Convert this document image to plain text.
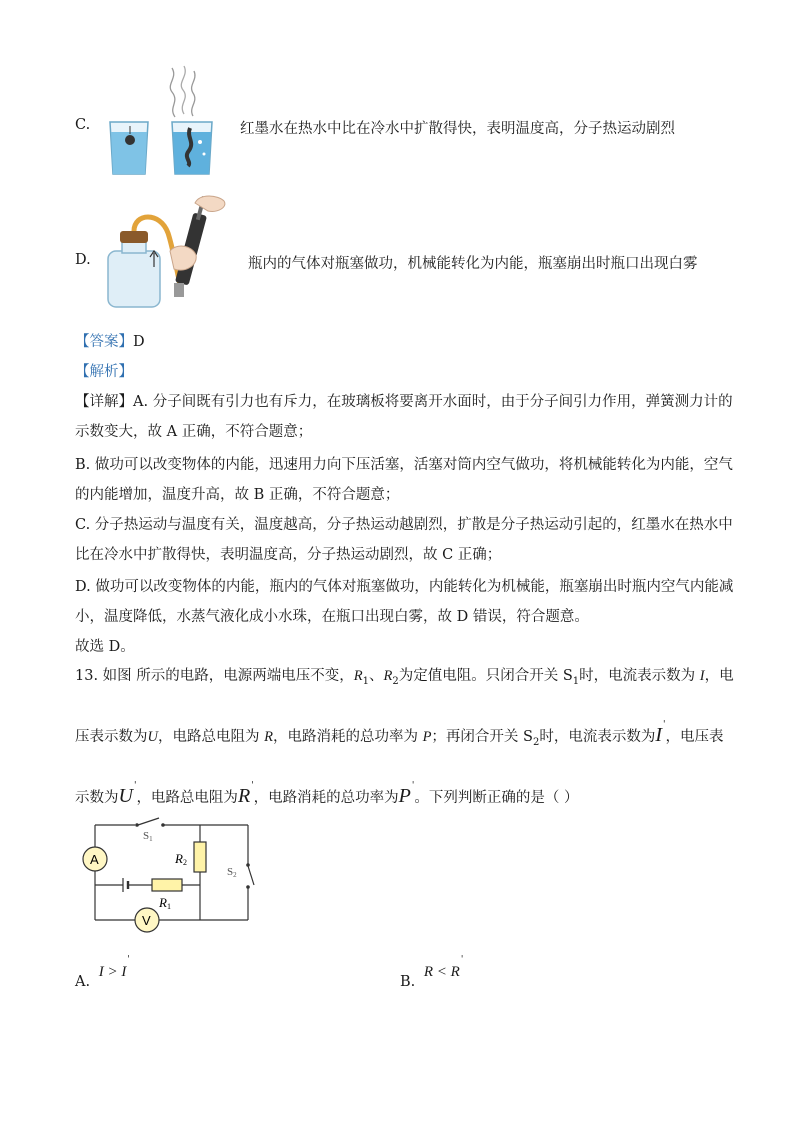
C.	红墨水在热水中比在冷水中扩散得快，表明温度高，分子热运动剧烈
D.	瓶内的气体对瓶塞做功，机械能转化为内能，瓶塞崩出时瓶口出现白雾
【答案】D
【解析】
【详解】A. 分子间既有引力也有斥力，在玻璃板将要离开水面时，由于分子间引力作用，弹簧测力计的
示数变大，故 A 正确，不符合题意；
B. 做功可以改变物体的内能，迅速用力向下压活塞，活塞对筒内空气做功，将机械能转化为内能，空气
的内能增加，温度升高，故 B 正确，不符合题意；
C. 分子热运动与温度有关，温度越高，分子热运动越剧烈，扩散是分子热运动引起的，红墨水在热水中
比在冷水中扩散得快，表明温度高，分子热运动剧烈，故 C 正确；
D. 做功可以改变物体的内能，瓶内的气体对瓶塞做功，内能转化为机械能，瓶塞崩出时瓶内空气内能减
小，温度降低，水蒸气液化成小水珠，在瓶口出现白雾，故 D 错误，符合题意。
故选 D。
13. 如图 所示的电路，电源两端电压不变，$R_1$、$R_2$为定值电阻。只闭合开关 $S_1$时，电流表示数为 I，电
压表示数为U，电路总电阻为 R，电路消耗的总功率为 P；再闭合开关 $S_2$时，电流表示数为I'，电压表
示数为U'，电路总电阻为R'，电路消耗的总功率为P'。下列判断正确的是（ ）
A
V
S1
S2
R2
R1
A. I > I'
B. R < R'
